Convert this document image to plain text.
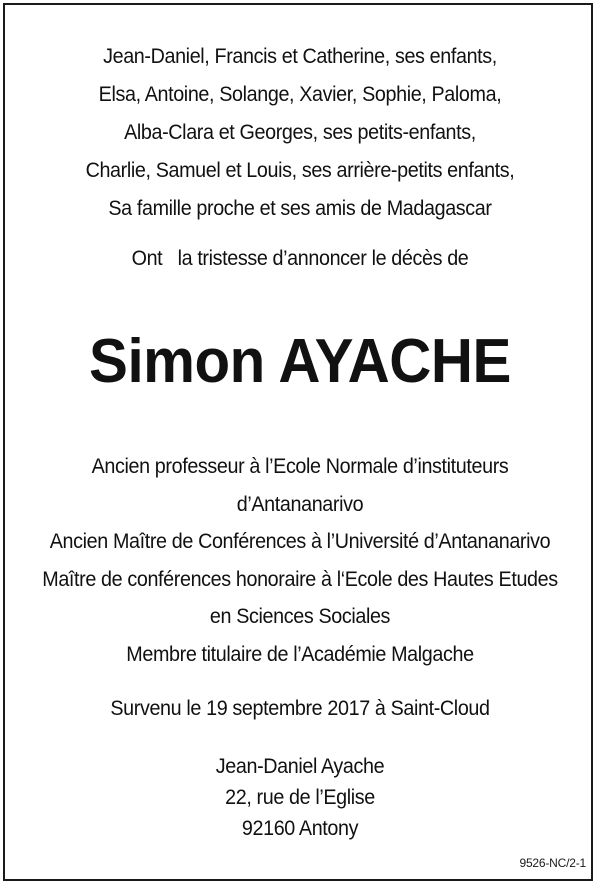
Jean-Daniel, Francis et Catherine, ses enfants,
Elsa, Antoine, Solange, Xavier, Sophie, Paloma,
Alba-Clara et Georges, ses petits-enfants,
Charlie, Samuel et Louis, ses arrière-petits enfants,
Sa famille proche et ses amis de Madagascar
Ont   la tristesse d’annoncer le décès de
Simon AYACHE
Ancien professeur à l’Ecole Normale d’instituteurs
d’Antananarivo
Ancien Maître de Conférences à l’Université d’Antananarivo
Maître de conférences honoraire à l‘Ecole des Hautes Etudes
en Sciences Sociales
Membre titulaire de l’Académie Malgache
Survenu le 19 septembre 2017 à Saint-Cloud
Jean-Daniel Ayache
22, rue de l’Eglise
92160 Antony
9526-NC/2-1
